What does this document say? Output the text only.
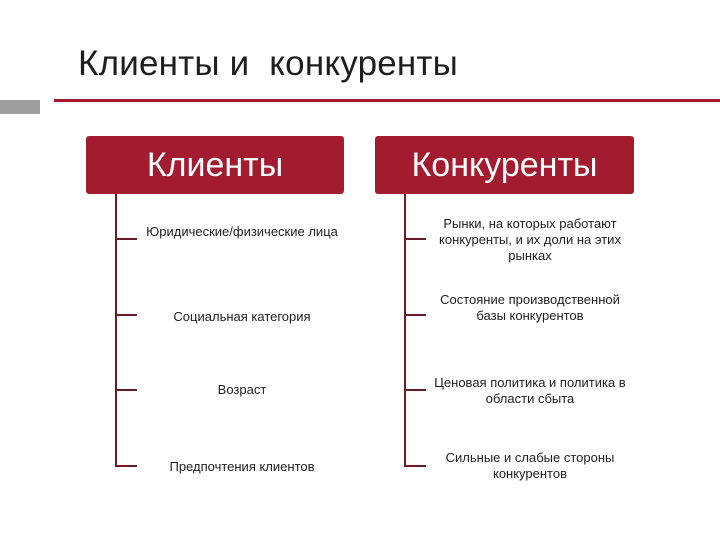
Клиенты и  конкуренты
Клиенты
Юридические/физические лица
Социальная категория
Возраст
Предпочтения клиентов
Конкуренты
Рынки, на которых работают конкуренты, и их доли на этих рынках
Состояние производственной базы конкурентов
Ценовая политика и политика в области сбыта
Сильные и слабые стороны конкурентов
